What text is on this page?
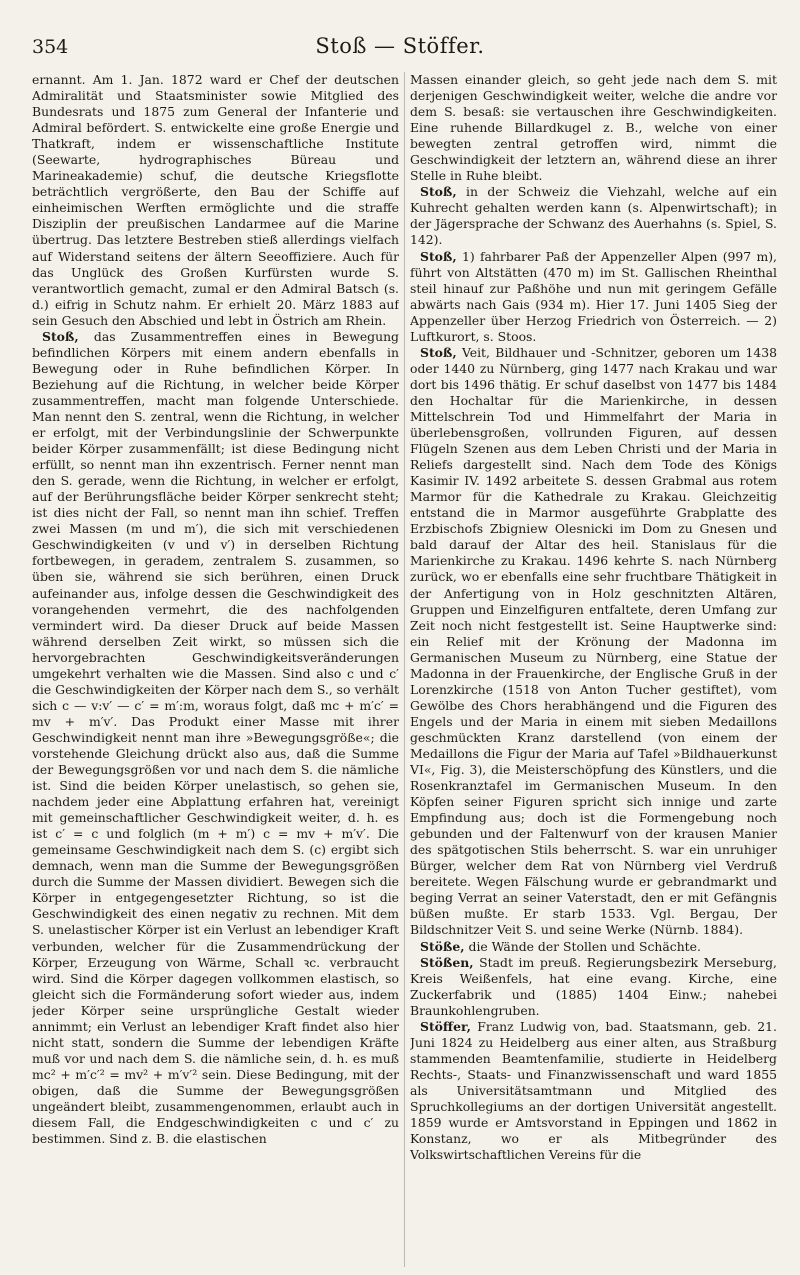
354	Stoß — Stöffer.

ernannt. Am 1. Jan. 1872 ward er Chef der deutschen Admiralität und Staatsminister sowie Mitglied des Bundesrats und 1875 zum General der Infanterie und Admiral befördert. S. entwickelte eine große Energie und Thatkraft, indem er wissenschaftliche Institute (Seewarte, hydrographisches Büreau und Marineakademie) schuf, die deutsche Kriegsflotte beträchtlich vergrößerte, den Bau der Schiffe auf einheimischen Werften ermöglichte und die straffe Disziplin der preußischen Landarmee auf die Marine übertrug. Das letztere Bestreben stieß allerdings vielfach auf Widerstand seitens der ältern Seeoffiziere. Auch für das Unglück des Großen Kurfürsten wurde S. verantwortlich gemacht, zumal er den Admiral Batsch (s. d.) eifrig in Schutz nahm. Er erhielt 20. März 1883 auf sein Gesuch den Abschied und lebt in Östrich am Rhein.

Stoß, das Zusammentreffen eines in Bewegung befindlichen Körpers mit einem andern ebenfalls in Bewegung oder in Ruhe befindlichen Körper. In Beziehung auf die Richtung, in welcher beide Körper zusammentreffen, macht man folgende Unterschiede. Man nennt den S. zentral, wenn die Richtung, in welcher er erfolgt, mit der Verbindungslinie der Schwerpunkte beider Körper zusammenfällt; ist diese Bedingung nicht erfüllt, so nennt man ihn exzentrisch. Ferner nennt man den S. gerade, wenn die Richtung, in welcher er erfolgt, auf der Berührungsfläche beider Körper senkrecht steht; ist dies nicht der Fall, so nennt man ihn schief. Treffen zwei Massen (m und m′), die sich mit verschiedenen Geschwindigkeiten (v und v′) in derselben Richtung fortbewegen, in geradem, zentralem S. zusammen, so üben sie, während sie sich berühren, einen Druck aufeinander aus, infolge dessen die Geschwindigkeit des vorangehenden vermehrt, die des nachfolgenden vermindert wird. Da dieser Druck auf beide Massen während derselben Zeit wirkt, so müssen sich die hervorgebrachten Geschwindigkeitsveränderungen umgekehrt verhalten wie die Massen. Sind also c und c′ die Geschwindigkeiten der Körper nach dem S., so verhält sich c — v:v′ — c′ = m′:m, woraus folgt, daß mc + m′c′ = mv + m′v′. Das Produkt einer Masse mit ihrer Geschwindigkeit nennt man ihre »Bewegungsgröße«; die vorstehende Gleichung drückt also aus, daß die Summe der Bewegungsgrößen vor und nach dem S. die nämliche ist. Sind die beiden Körper unelastisch, so gehen sie, nachdem jeder eine Abplattung erfahren hat, vereinigt mit gemeinschaftlicher Geschwindigkeit weiter, d. h. es ist c′ = c und folglich (m + m′) c = mv + m′v′. Die gemeinsame Geschwindigkeit nach dem S. (c) ergibt sich demnach, wenn man die Summe der Bewegungsgrößen durch die Summe der Massen dividiert. Bewegen sich die Körper in entgegengesetzter Richtung, so ist die Geschwindigkeit des einen negativ zu rechnen. Mit dem S. unelastischer Körper ist ein Verlust an lebendiger Kraft verbunden, welcher für die Zusammendrückung der Körper, Erzeugung von Wärme, Schall ꝛc. verbraucht wird. Sind die Körper dagegen vollkommen elastisch, so gleicht sich die Formänderung sofort wieder aus, indem jeder Körper seine ursprüngliche Gestalt wieder annimmt; ein Verlust an lebendiger Kraft findet also hier nicht statt, sondern die Summe der lebendigen Kräfte muß vor und nach dem S. die nämliche sein, d. h. es muß mc² + m′c′² = mv² + m′v′² sein. Diese Bedingung, mit der obigen, daß die Summe der Bewegungsgrößen ungeändert bleibt, zusammengenommen, erlaubt auch in diesem Fall, die Endgeschwindigkeiten c und c′ zu bestimmen. Sind z. B. die elastischen

Massen einander gleich, so geht jede nach dem S. mit derjenigen Geschwindigkeit weiter, welche die andre vor dem S. besaß: sie vertauschen ihre Geschwindigkeiten. Eine ruhende Billardkugel z. B., welche von einer bewegten zentral getroffen wird, nimmt die Geschwindigkeit der letztern an, während diese an ihrer Stelle in Ruhe bleibt.

Stoß, in der Schweiz die Viehzahl, welche auf ein Kuhrecht gehalten werden kann (s. Alpenwirtschaft); in der Jägersprache der Schwanz des Auerhahns (s. Spiel, S. 142).

Stoß, 1) fahrbarer Paß der Appenzeller Alpen (997 m), führt von Altstätten (470 m) im St. Gallischen Rheinthal steil hinauf zur Paßhöhe und nun mit geringem Gefälle abwärts nach Gais (934 m). Hier 17. Juni 1405 Sieg der Appenzeller über Herzog Friedrich von Österreich. — 2) Luftkurort, s. Stoos.

Stoß, Veit, Bildhauer und -Schnitzer, geboren um 1438 oder 1440 zu Nürnberg, ging 1477 nach Krakau und war dort bis 1496 thätig. Er schuf daselbst von 1477 bis 1484 den Hochaltar für die Marienkirche, in dessen Mittelschrein Tod und Himmelfahrt der Maria in überlebensgroßen, vollrunden Figuren, auf dessen Flügeln Szenen aus dem Leben Christi und der Maria in Reliefs dargestellt sind. Nach dem Tode des Königs Kasimir IV. 1492 arbeitete S. dessen Grabmal aus rotem Marmor für die Kathedrale zu Krakau. Gleichzeitig entstand die in Marmor ausgeführte Grabplatte des Erzbischofs Zbigniew Olesnicki im Dom zu Gnesen und bald darauf der Altar des heil. Stanislaus für die Marienkirche zu Krakau. 1496 kehrte S. nach Nürnberg zurück, wo er ebenfalls eine sehr fruchtbare Thätigkeit in der Anfertigung von in Holz geschnitzten Altären, Gruppen und Einzelfiguren entfaltete, deren Umfang zur Zeit noch nicht festgestellt ist. Seine Hauptwerke sind: ein Relief mit der Krönung der Madonna im Germanischen Museum zu Nürnberg, eine Statue der Madonna in der Frauenkirche, der Englische Gruß in der Lorenzkirche (1518 von Anton Tucher gestiftet), vom Gewölbe des Chors herabhängend und die Figuren des Engels und der Maria in einem mit sieben Medaillons geschmückten Kranz darstellend (von einem der Medaillons die Figur der Maria auf Tafel »Bildhauerkunst VI«, Fig. 3), die Meisterschöpfung des Künstlers, und die Rosenkranztafel im Germanischen Museum. In den Köpfen seiner Figuren spricht sich innige und zarte Empfindung aus; doch ist die Formengebung noch gebunden und der Faltenwurf von der krausen Manier des spätgotischen Stils beherrscht. S. war ein unruhiger Bürger, welcher dem Rat von Nürnberg viel Verdruß bereitete. Wegen Fälschung wurde er gebrandmarkt und beging Verrat an seiner Vaterstadt, den er mit Gefängnis büßen mußte. Er starb 1533. Vgl. Bergau, Der Bildschnitzer Veit S. und seine Werke (Nürnb. 1884).

Stöße, die Wände der Stollen und Schächte.

Stößen, Stadt im preuß. Regierungsbezirk Merseburg, Kreis Weißenfels, hat eine evang. Kirche, eine Zuckerfabrik und (1885) 1404 Einw.; nahebei Braunkohlengruben.

Stöffer, Franz Ludwig von, bad. Staatsmann, geb. 21. Juni 1824 zu Heidelberg aus einer alten, aus Straßburg stammenden Beamtenfamilie, studierte in Heidelberg Rechts-, Staats- und Finanzwissenschaft und ward 1855 als Universitätsamtmann und Mitglied des Spruchkollegiums an der dortigen Universität angestellt. 1859 wurde er Amtsvorstand in Eppingen und 1862 in Konstanz, wo er als Mitbegründer des Volkswirtschaftlichen Vereins für die
